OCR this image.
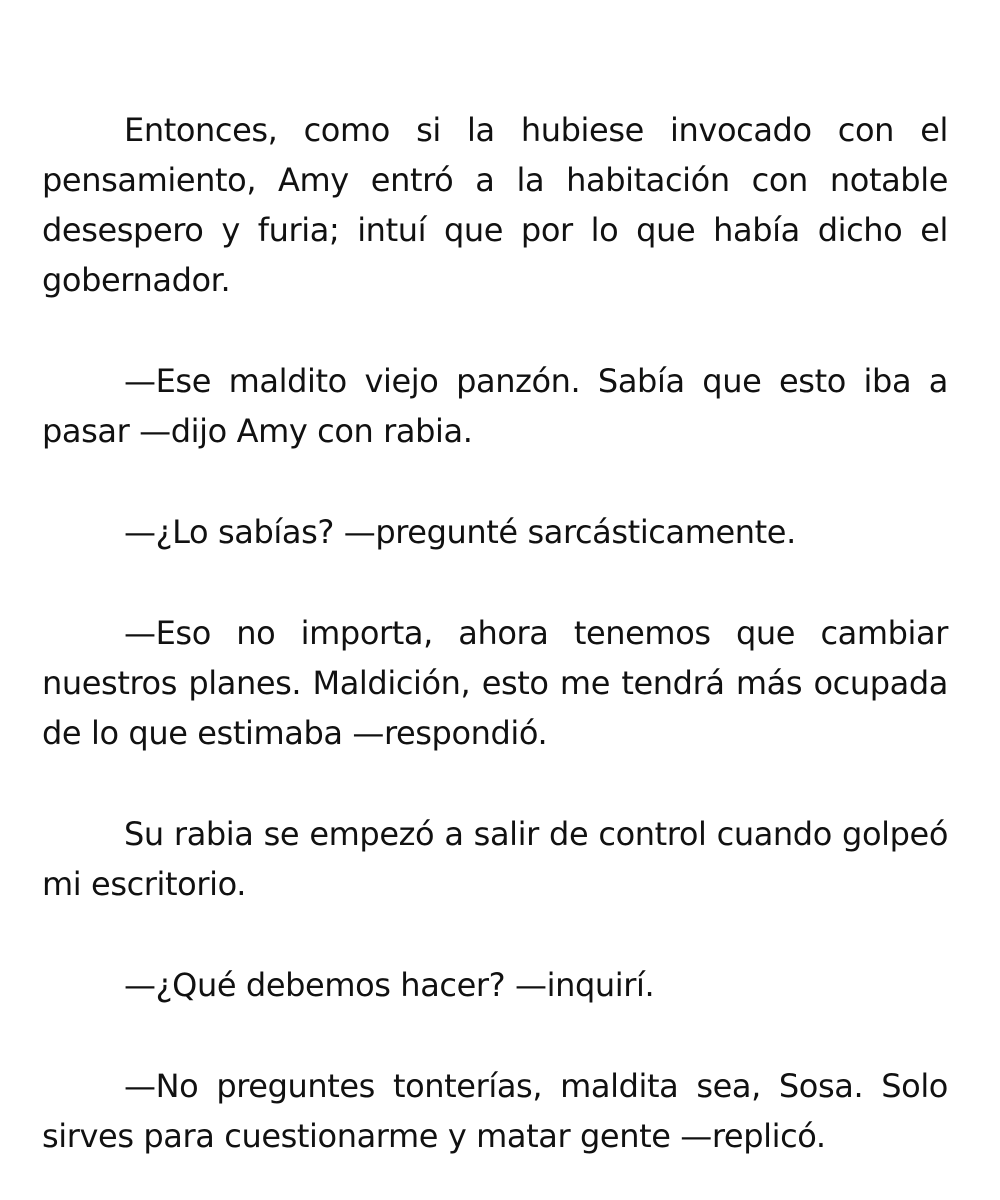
Entonces, como si la hubiese invocado con el pensamiento, Amy entró a la habitación con notable desespero y furia; intuí que por lo que había dicho el gobernador.

—Ese maldito viejo panzón. Sabía que esto iba a pasar —dijo Amy con rabia.

—¿Lo sabías? —pregunté sarcásticamente.

—Eso no importa, ahora tenemos que cambiar nuestros planes. Maldición, esto me tendrá más ocupada de lo que estimaba —respondió.

Su rabia se empezó a salir de control cuando golpeó mi escritorio.

—¿Qué debemos hacer? —inquirí.

—No preguntes tonterías, maldita sea, Sosa. Solo sirves para cuestionarme y matar gente —replicó.
